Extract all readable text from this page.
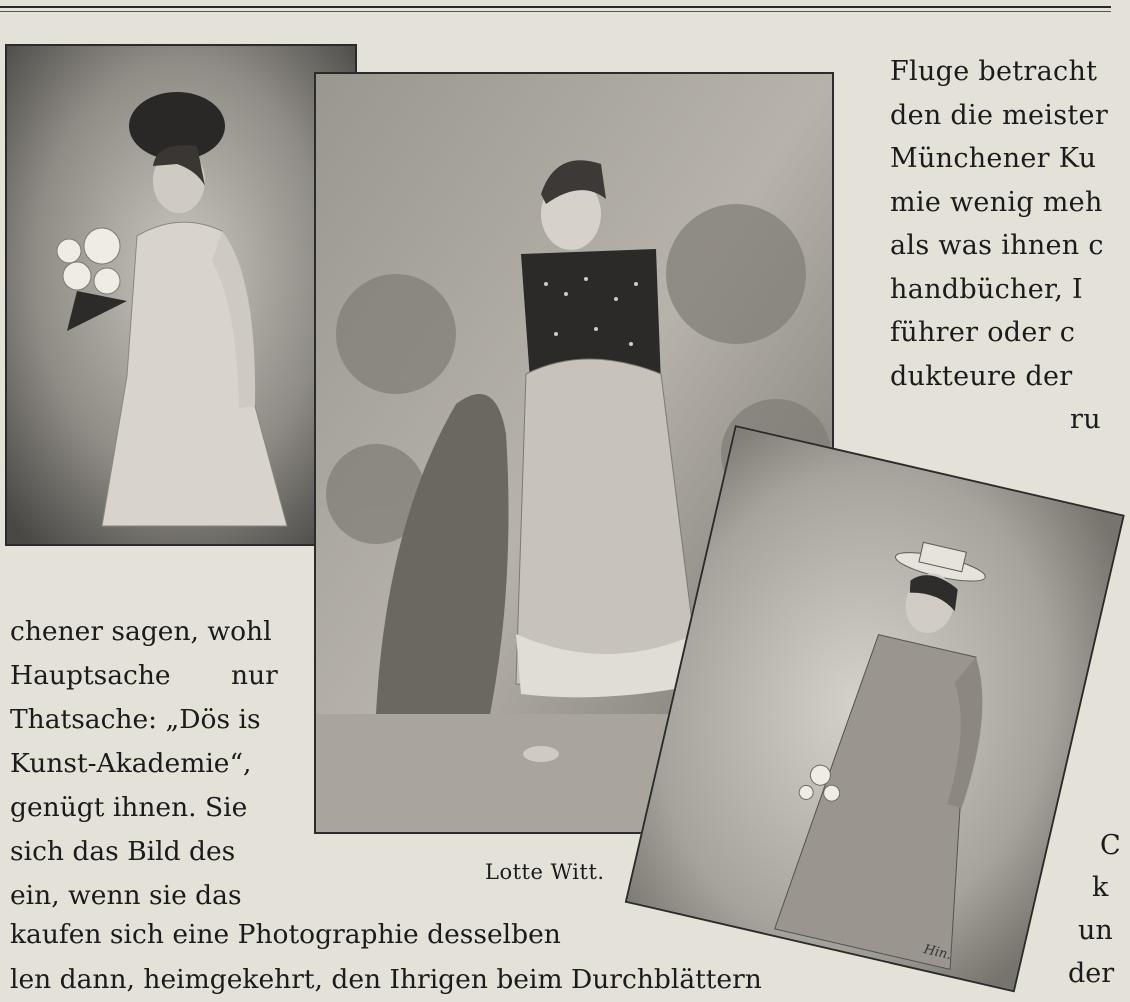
Hin.
Fluge betracht
den die meister
Münchener Ku
mie wenig meh
als was ihnen c
handbücher, I
führer oder c
dukteure der
ru
chener sagen, wohl
Hauptsache nur
Thatsache: „Dös is
Kunst-Akademie“,
genügt ihnen. Sie
sich das Bild des
ein, wenn sie das
Lotte Witt.
kaufen sich eine Photographie desselben
len dann, heimgekehrt, den Ihrigen beim Durchblättern
C
k
un
der
